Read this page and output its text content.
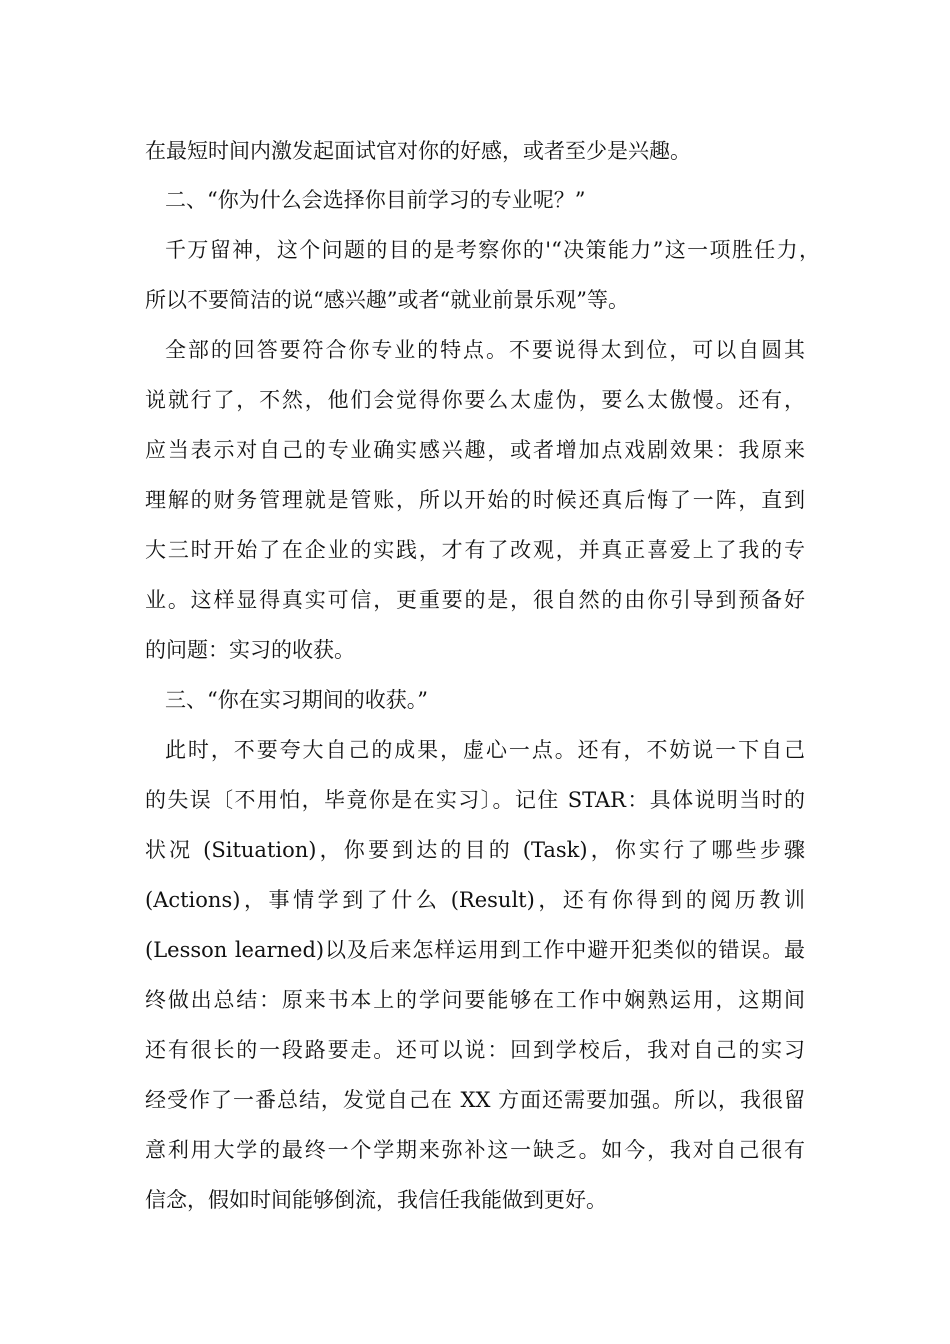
在最短时间内激发起面试官对你的好感，或者至少是兴趣。
二、“你为什么会选择你目前学习的专业呢？”
千万留神，这个问题的目的是考察你的'“决策能力”这一项胜任力，
所以不要简洁的说“感兴趣”或者“就业前景乐观”等。
全部的回答要符合你专业的特点。不要说得太到位，可以自圆其
说就行了，不然，他们会觉得你要么太虚伪，要么太傲慢。还有，
应当表示对自己的专业确实感兴趣，或者增加点戏剧效果：我原来
理解的财务管理就是管账，所以开始的时候还真后悔了一阵，直到
大三时开始了在企业的实践，才有了改观，并真正喜爱上了我的专
业。这样显得真实可信，更重要的是，很自然的由你引导到预备好
的问题：实习的收获。
三、“你在实习期间的收获。”
此时，不要夸大自己的成果，虚心一点。还有，不妨说一下自己
的失误〔不用怕，毕竟你是在实习〕。记住 STAR：具体说明当时的
状况 (Situation)，你要到达的目的 (Task)，你实行了哪些步骤
(Actions)，事情学到了什么 (Result)，还有你得到的阅历教训
(Lesson learned)以及后来怎样运用到工作中避开犯类似的错误。最
终做出总结：原来书本上的学问要能够在工作中娴熟运用，这期间
还有很长的一段路要走。还可以说：回到学校后，我对自己的实习
经受作了一番总结，发觉自己在 XX 方面还需要加强。所以，我很留
意利用大学的最终一个学期来弥补这一缺乏。如今，我对自己很有
信念，假如时间能够倒流，我信任我能做到更好。
